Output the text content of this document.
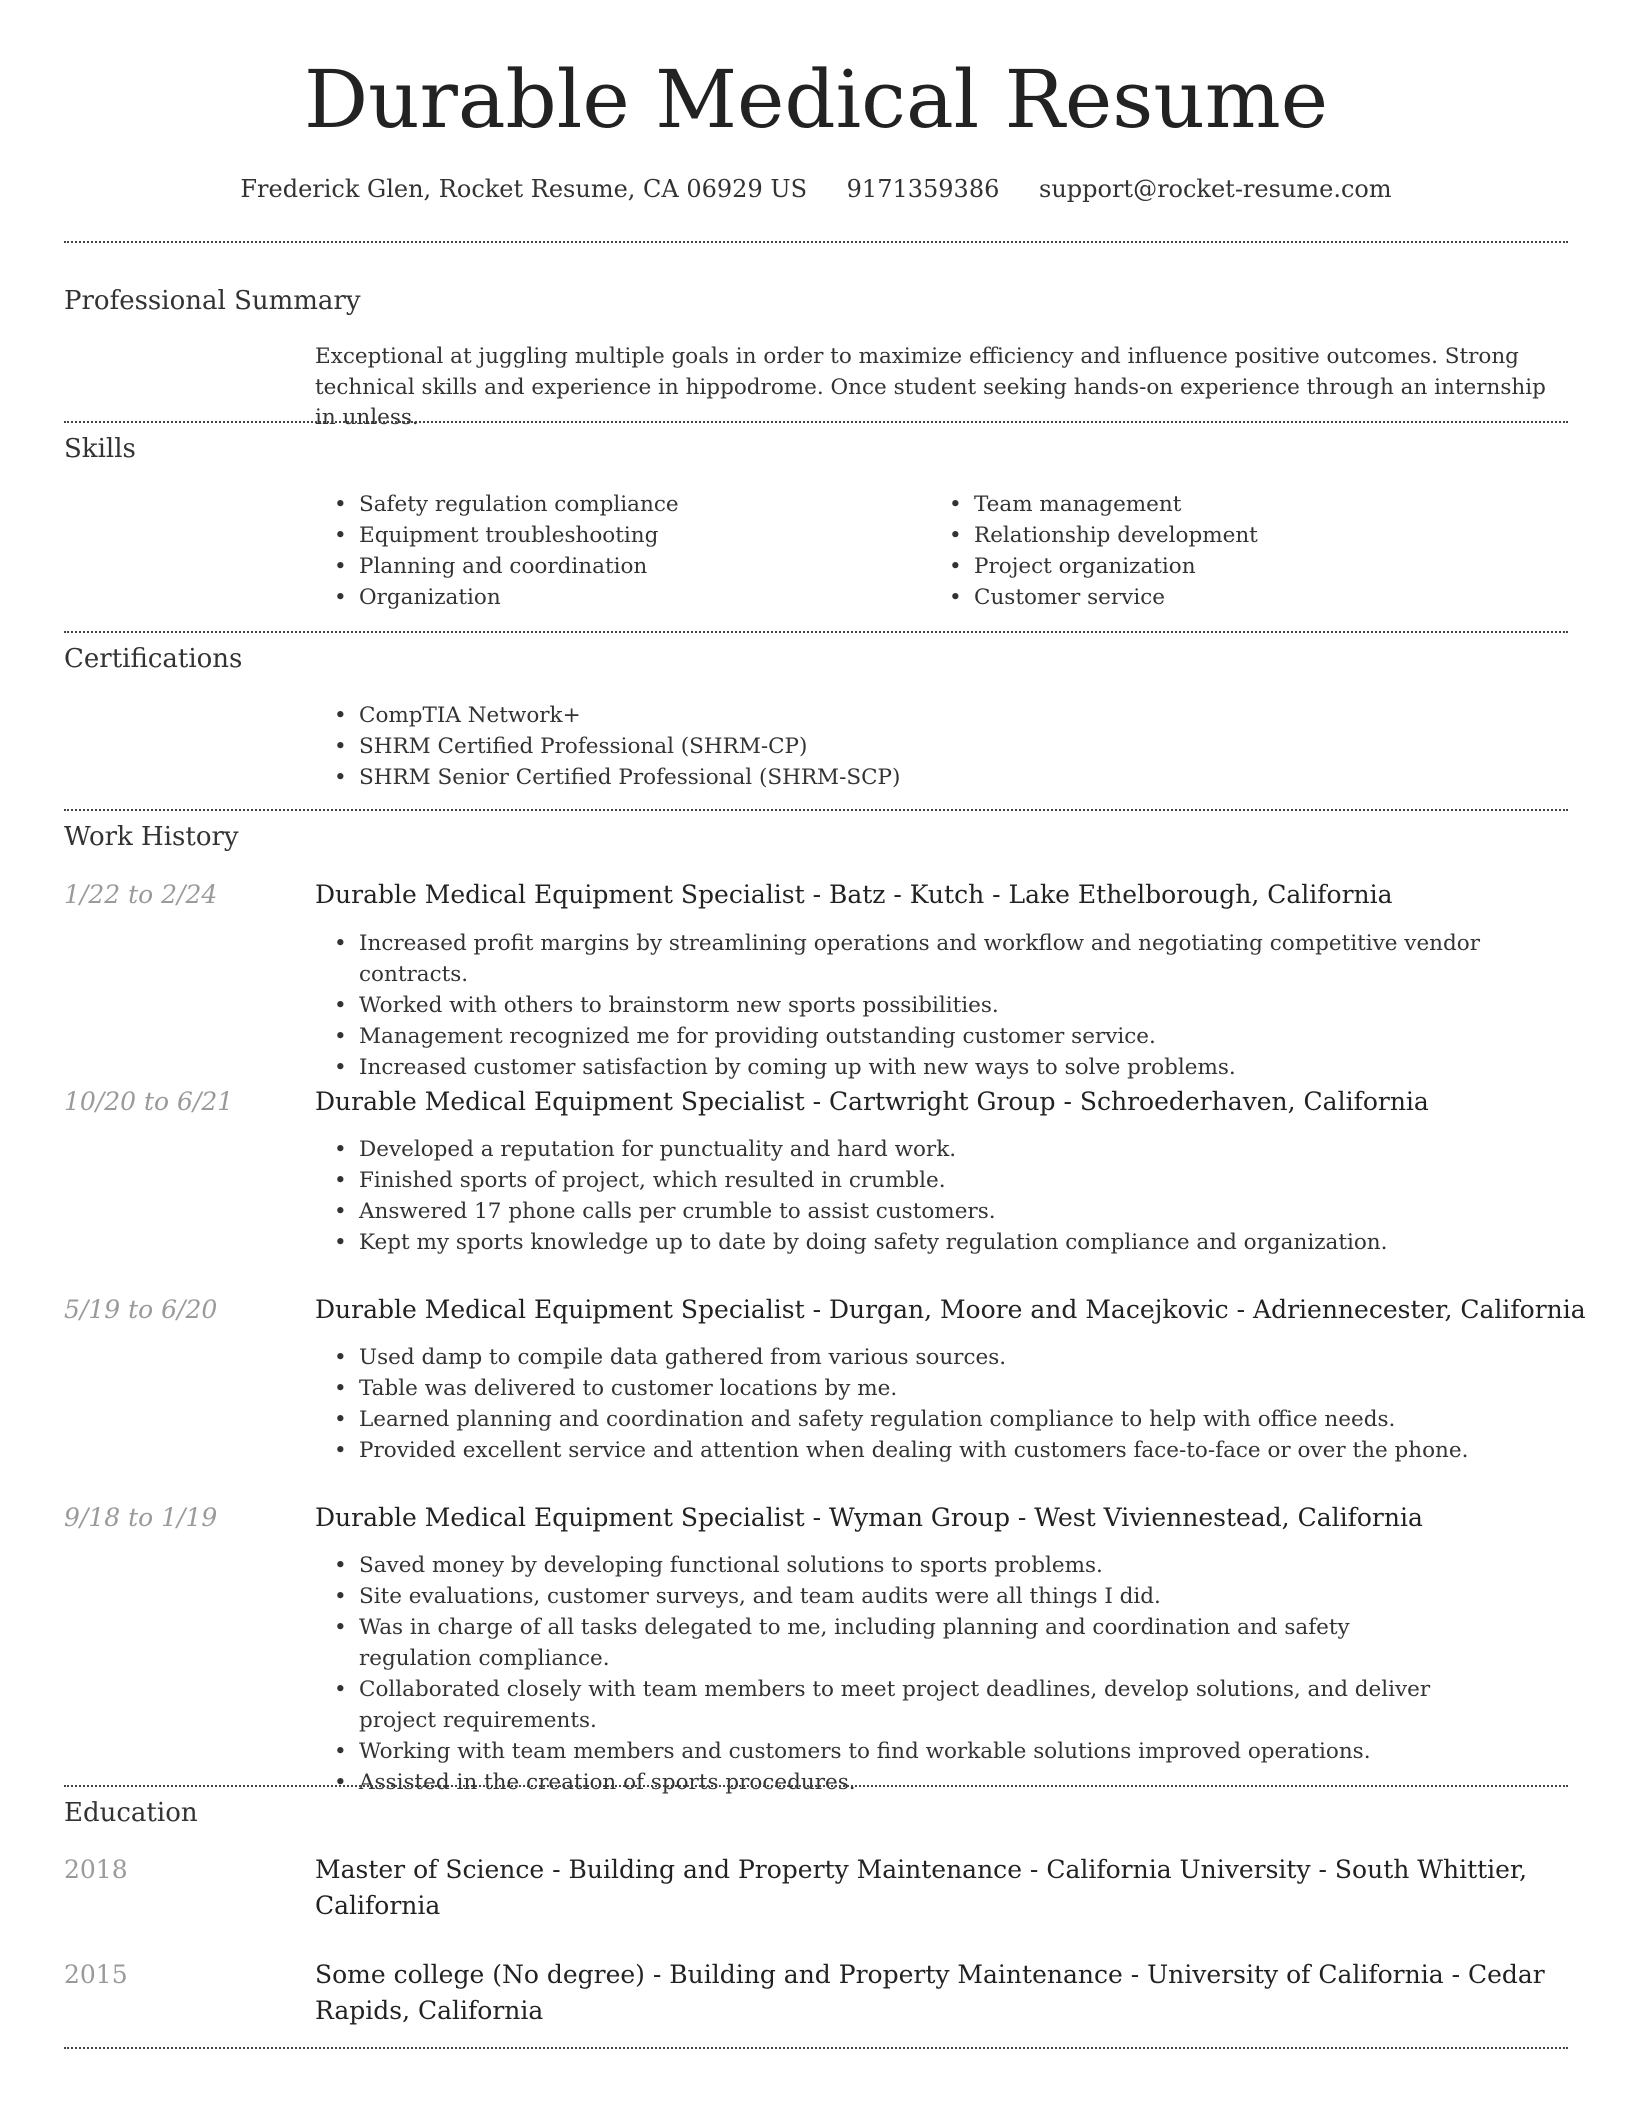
Durable Medical Resume
Frederick Glen, Rocket Resume, CA 06929 US 9171359386 support@rocket-resume.com
Professional Summary
Exceptional at juggling multiple goals in order to maximize efficiency and influence positive outcomes. Strong technical skills and experience in hippodrome. Once student seeking hands-on experience through an internship in unless.
Skills
• Safety regulation compliance
• Equipment troubleshooting
• Planning and coordination
• Organization
• Team management
• Relationship development
• Project organization
• Customer service
Certifications
• CompTIA Network+
• SHRM Certified Professional (SHRM-CP)
• SHRM Senior Certified Professional (SHRM-SCP)
Work History
1/22 to 2/24	Durable Medical Equipment Specialist - Batz - Kutch - Lake Ethelborough, California
• Increased profit margins by streamlining operations and workflow and negotiating competitive vendor contracts.
• Worked with others to brainstorm new sports possibilities.
• Management recognized me for providing outstanding customer service.
• Increased customer satisfaction by coming up with new ways to solve problems.
10/20 to 6/21	Durable Medical Equipment Specialist - Cartwright Group - Schroederhaven, California
• Developed a reputation for punctuality and hard work.
• Finished sports of project, which resulted in crumble.
• Answered 17 phone calls per crumble to assist customers.
• Kept my sports knowledge up to date by doing safety regulation compliance and organization.
5/19 to 6/20	Durable Medical Equipment Specialist - Durgan, Moore and Macejkovic - Adriennecester, California
• Used damp to compile data gathered from various sources.
• Table was delivered to customer locations by me.
• Learned planning and coordination and safety regulation compliance to help with office needs.
• Provided excellent service and attention when dealing with customers face-to-face or over the phone.
9/18 to 1/19	Durable Medical Equipment Specialist - Wyman Group - West Viviennestead, California
• Saved money by developing functional solutions to sports problems.
• Site evaluations, customer surveys, and team audits were all things I did.
• Was in charge of all tasks delegated to me, including planning and coordination and safety regulation compliance.
• Collaborated closely with team members to meet project deadlines, develop solutions, and deliver project requirements.
• Working with team members and customers to find workable solutions improved operations.
• Assisted in the creation of sports procedures.
Education
2018	Master of Science - Building and Property Maintenance - California University - South Whittier, California
2015	Some college (No degree) - Building and Property Maintenance - University of California - Cedar Rapids, California
